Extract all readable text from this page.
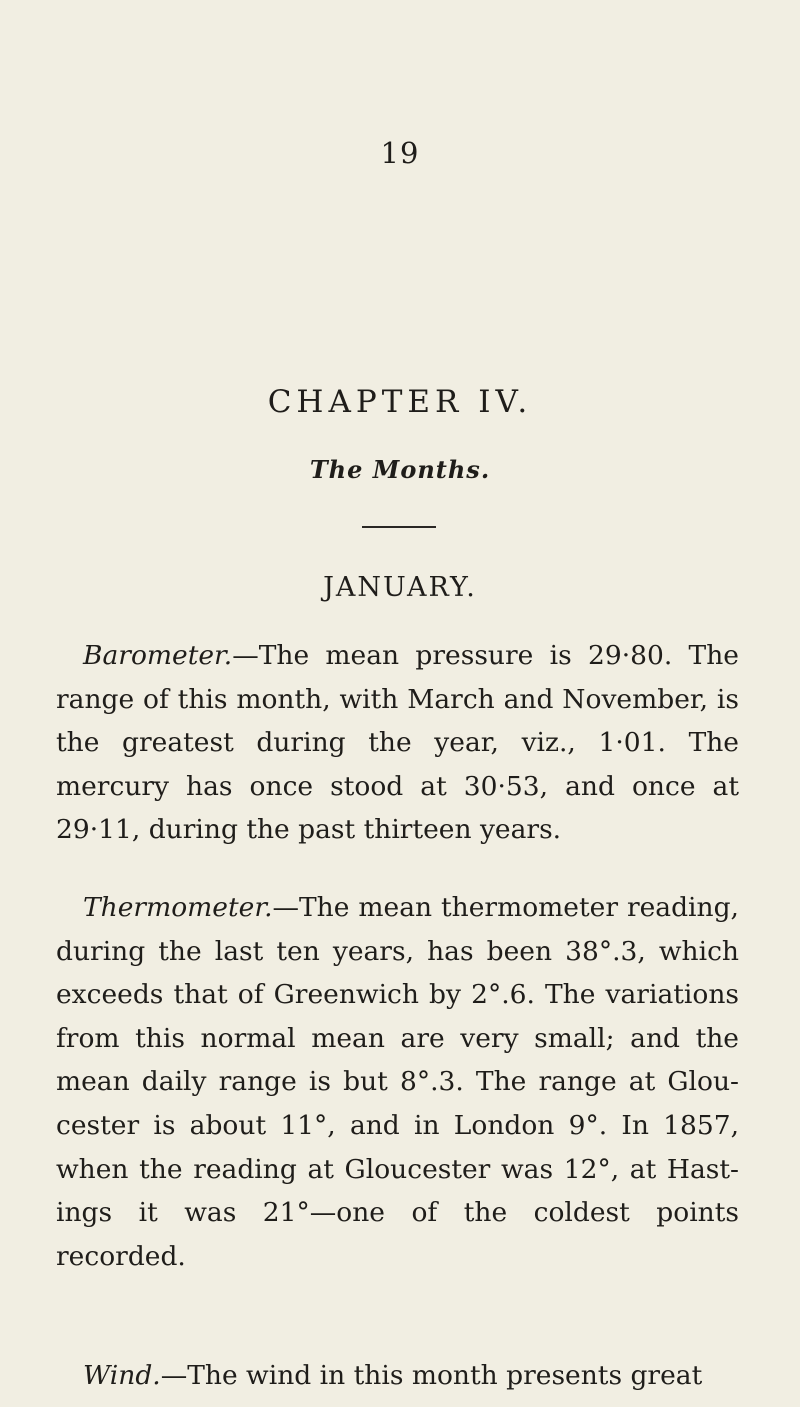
19
CHAPTER IV.
The Months.
JANUARY.

Barometer.—The mean pressure is 29·80. The range of this month, with March and November, is the greatest during the year, viz., 1·01. The mercury has once stood at 30·53, and once at 29·11, during the past thirteen years.

Thermometer.—The mean thermometer reading, during the last ten years, has been 38°.3, which exceeds that of Greenwich by 2°.6. The variations from this normal mean are very small; and the mean daily range is but 8°.3. The range at Gloucester is about 11°, and in London 9°. In 1857, when the reading at Gloucester was 12°, at Hastings it was 21°—one of the coldest points recorded.

Wind.—The wind in this month presents great
